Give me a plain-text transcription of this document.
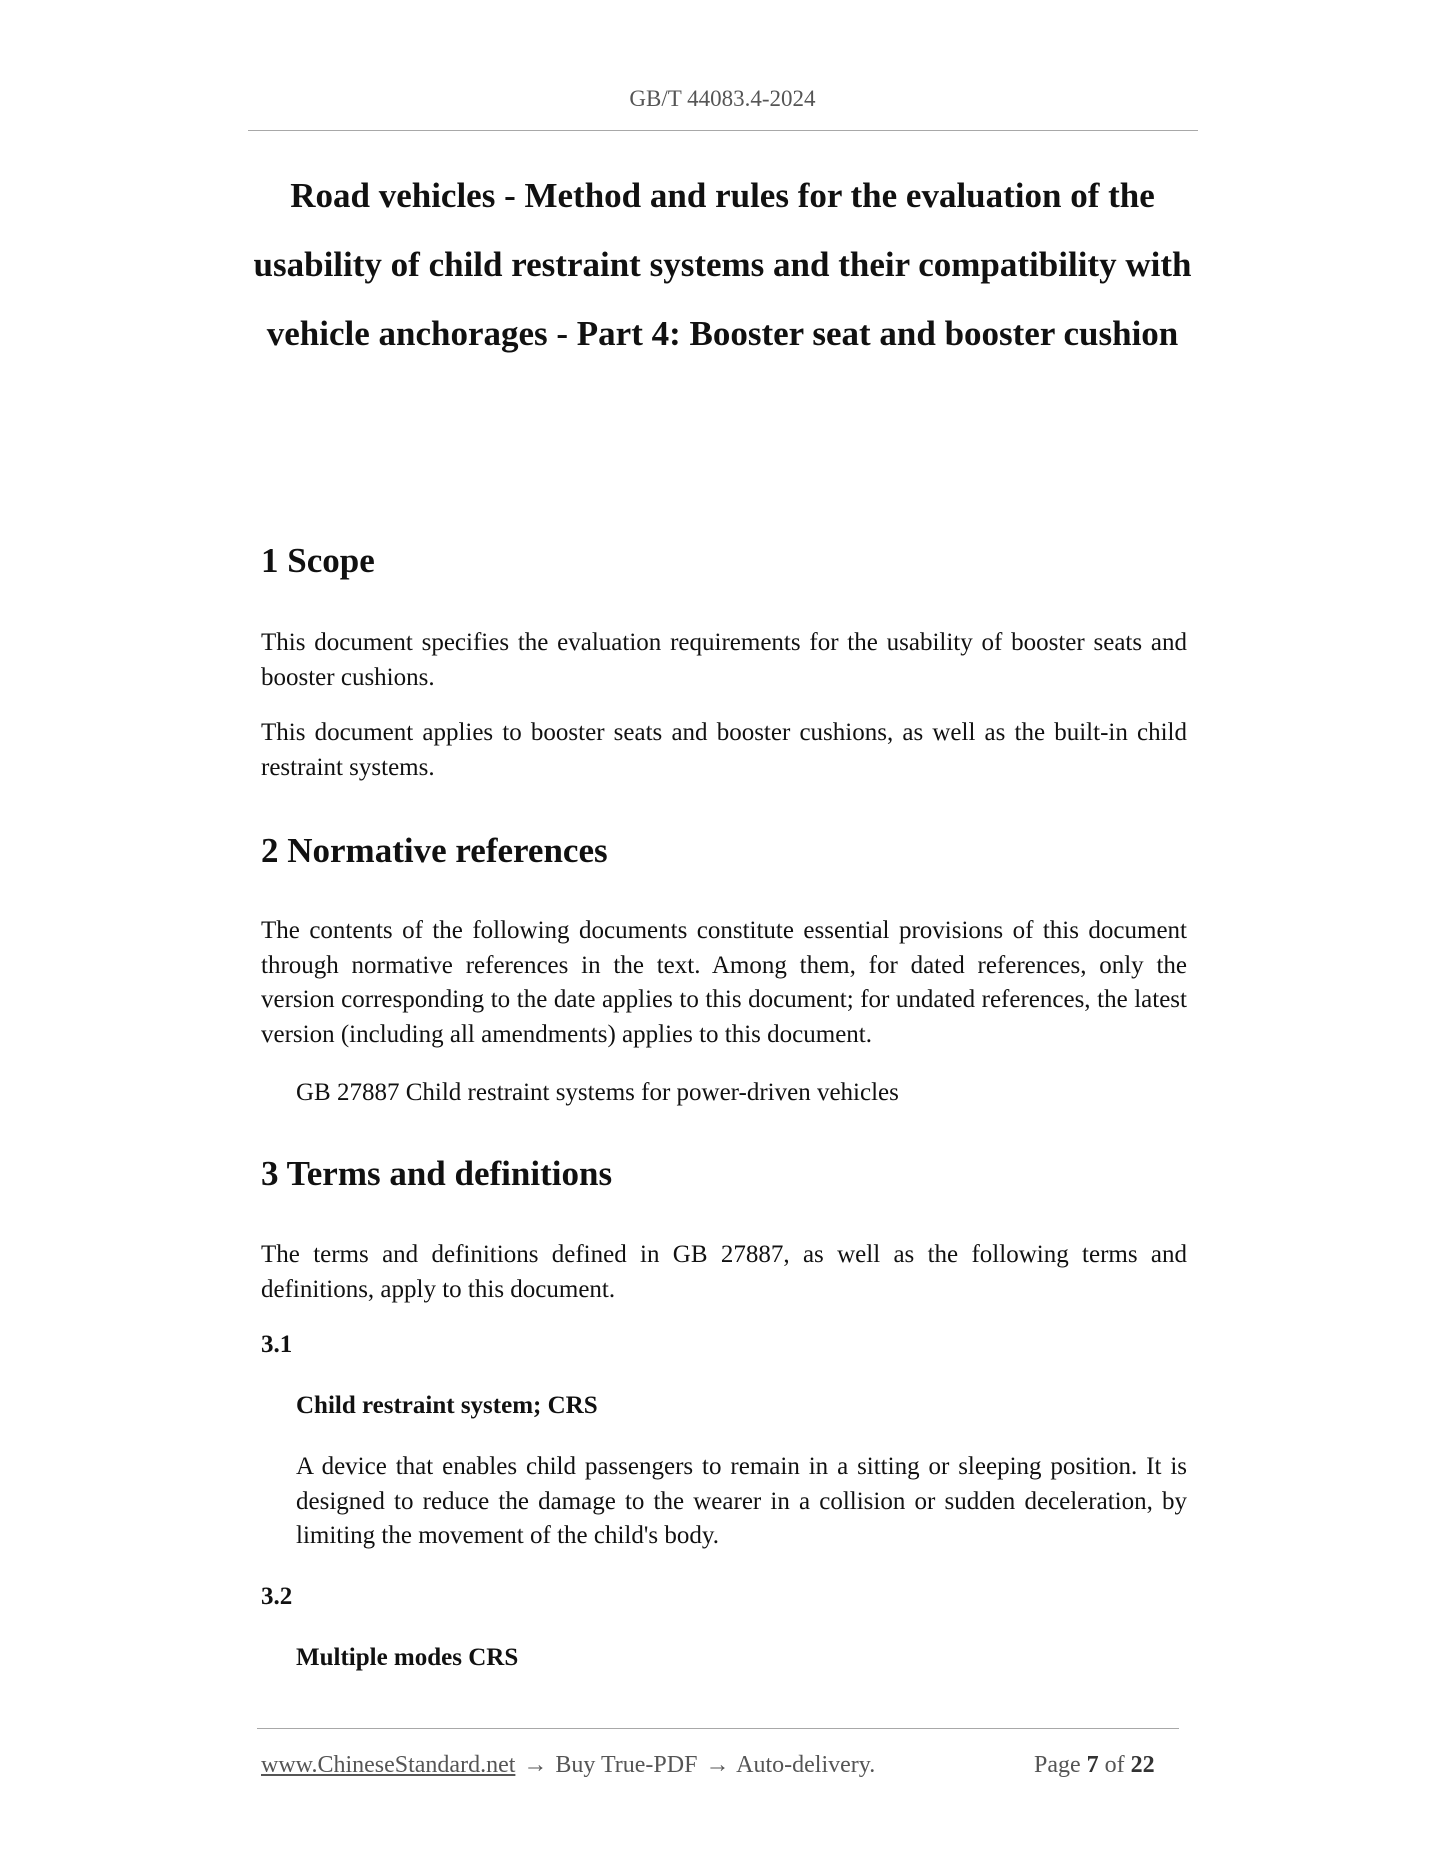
GB/T 44083.4-2024

Road vehicles - Method and rules for the evaluation of the usability of child restraint systems and their compatibility with vehicle anchorages - Part 4: Booster seat and booster cushion
1 Scope

This document specifies the evaluation requirements for the usability of booster seats and booster cushions.

This document applies to booster seats and booster cushions, as well as the built-in child restraint systems.

2 Normative references

The contents of the following documents constitute essential provisions of this document through normative references in the text. Among them, for dated references, only the version corresponding to the date applies to this document; for undated references, the latest version (including all amendments) applies to this document.

GB 27887 Child restraint systems for power-driven vehicles

3 Terms and definitions

The terms and definitions defined in GB 27887, as well as the following terms and definitions, apply to this document.

3.1

Child restraint system; CRS

A device that enables child passengers to remain in a sitting or sleeping position. It is designed to reduce the damage to the wearer in a collision or sudden deceleration, by limiting the movement of the child's body.

3.2

Multiple modes CRS

www.ChineseStandard.net → Buy True-PDF → Auto-delivery.	Page 7 of 22
